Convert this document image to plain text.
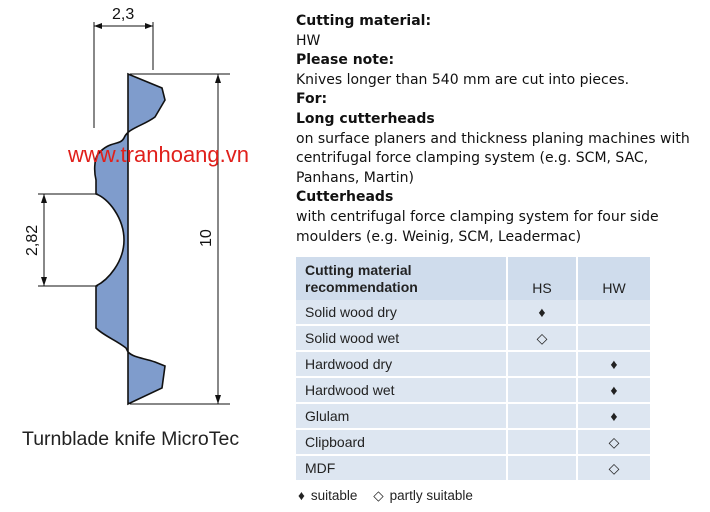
2,3
10
2,82
www.tranhoang.vn
Turnblade knife MicroTec
Cutting material:
HW
Please note:
Knives longer than 540 mm are cut into pieces.
For:
Long cutterheads
on surface planers and thickness planing machines with centrifugal force clamping system (e.g. SCM, SAC, Panhans, Martin)
Cutterheads
with centrifugal force clamping system for four side moulders (e.g. Weinig, SCM, Leadermac)
Cutting material
recommendation	HS	HW
Solid wood dry	♦	
Solid wood wet	◇	
Hardwood dry		♦
Hardwood wet		♦
Glulam		♦
Clipboard		◇
MDF		◇
♦ suitable ◇ partly suitable
